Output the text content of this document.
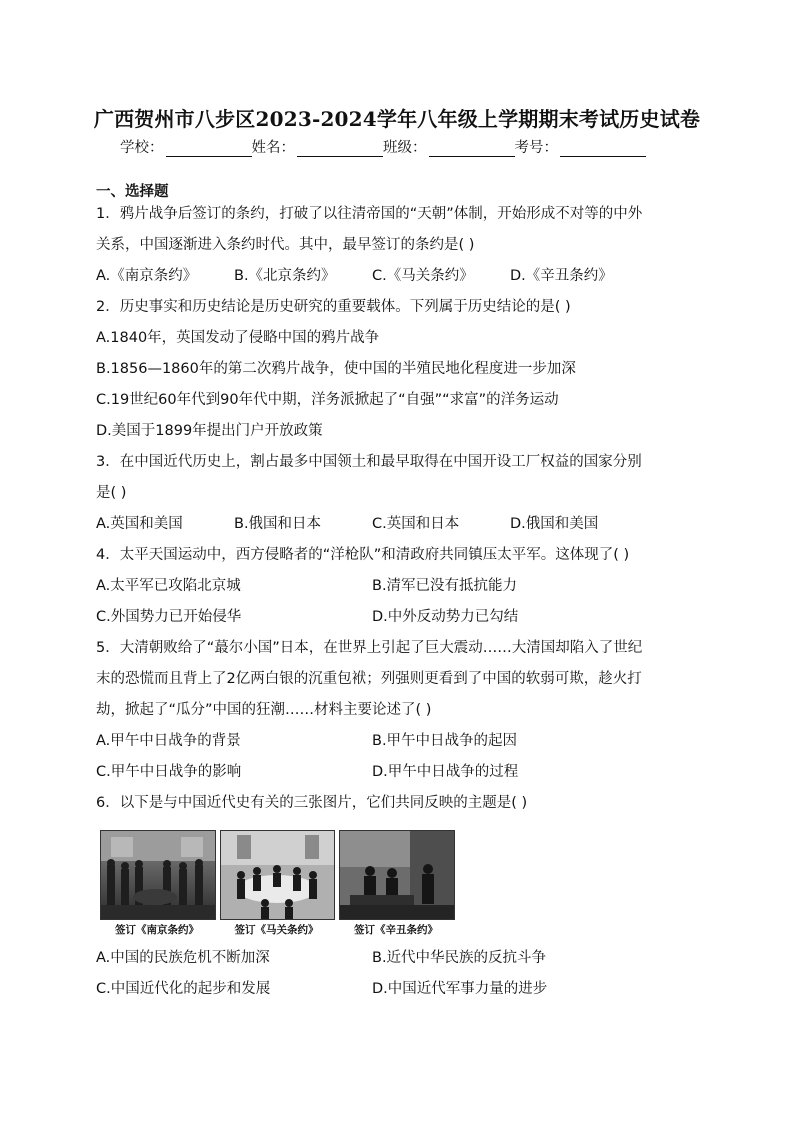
广西贺州市八步区2023-2024学年八年级上学期期末考试历史试卷
学校：	姓名：	班级：	考号：
一、选择题
1．鸦片战争后签订的条约，打破了以往清帝国的“天朝”体制，开始形成不对等的中外
关系，中国逐渐进入条约时代。其中，最早签订的条约是( )
A.《南京条约》	B.《北京条约》	C.《马关条约》	D.《辛丑条约》
2．历史事实和历史结论是历史研究的重要载体。下列属于历史结论的是( )
A.1840年，英国发动了侵略中国的鸦片战争
B.1856—1860年的第二次鸦片战争，使中国的半殖民地化程度进一步加深
C.19世纪60年代到90年代中期，洋务派掀起了“自强”“求富”的洋务运动
D.美国于1899年提出门户开放政策
3．在中国近代历史上，割占最多中国领土和最早取得在中国开设工厂权益的国家分别
是( )
A.英国和美国	B.俄国和日本	C.英国和日本	D.俄国和美国
4．太平天国运动中，西方侵略者的“洋枪队”和清政府共同镇压太平军。这体现了( )
A.太平军已攻陷北京城	B.清军已没有抵抗能力
C.外国势力已开始侵华	D.中外反动势力已勾结
5．大清朝败给了“蕞尔小国”日本，在世界上引起了巨大震动……大清国却陷入了世纪
末的恐慌而且背上了2亿两白银的沉重包袱；列强则更看到了中国的软弱可欺，趁火打
劫，掀起了“瓜分”中国的狂潮……材料主要论述了( )
A.甲午中日战争的背景	B.甲午中日战争的起因
C.甲午中日战争的影响	D.甲午中日战争的过程
6．以下是与中国近代史有关的三张图片，它们共同反映的主题是( )
签订《南京条约》	签订《马关条约》	签订《辛丑条约》
A.中国的民族危机不断加深	B.近代中华民族的反抗斗争
C.中国近代化的起步和发展	D.中国近代军事力量的进步
